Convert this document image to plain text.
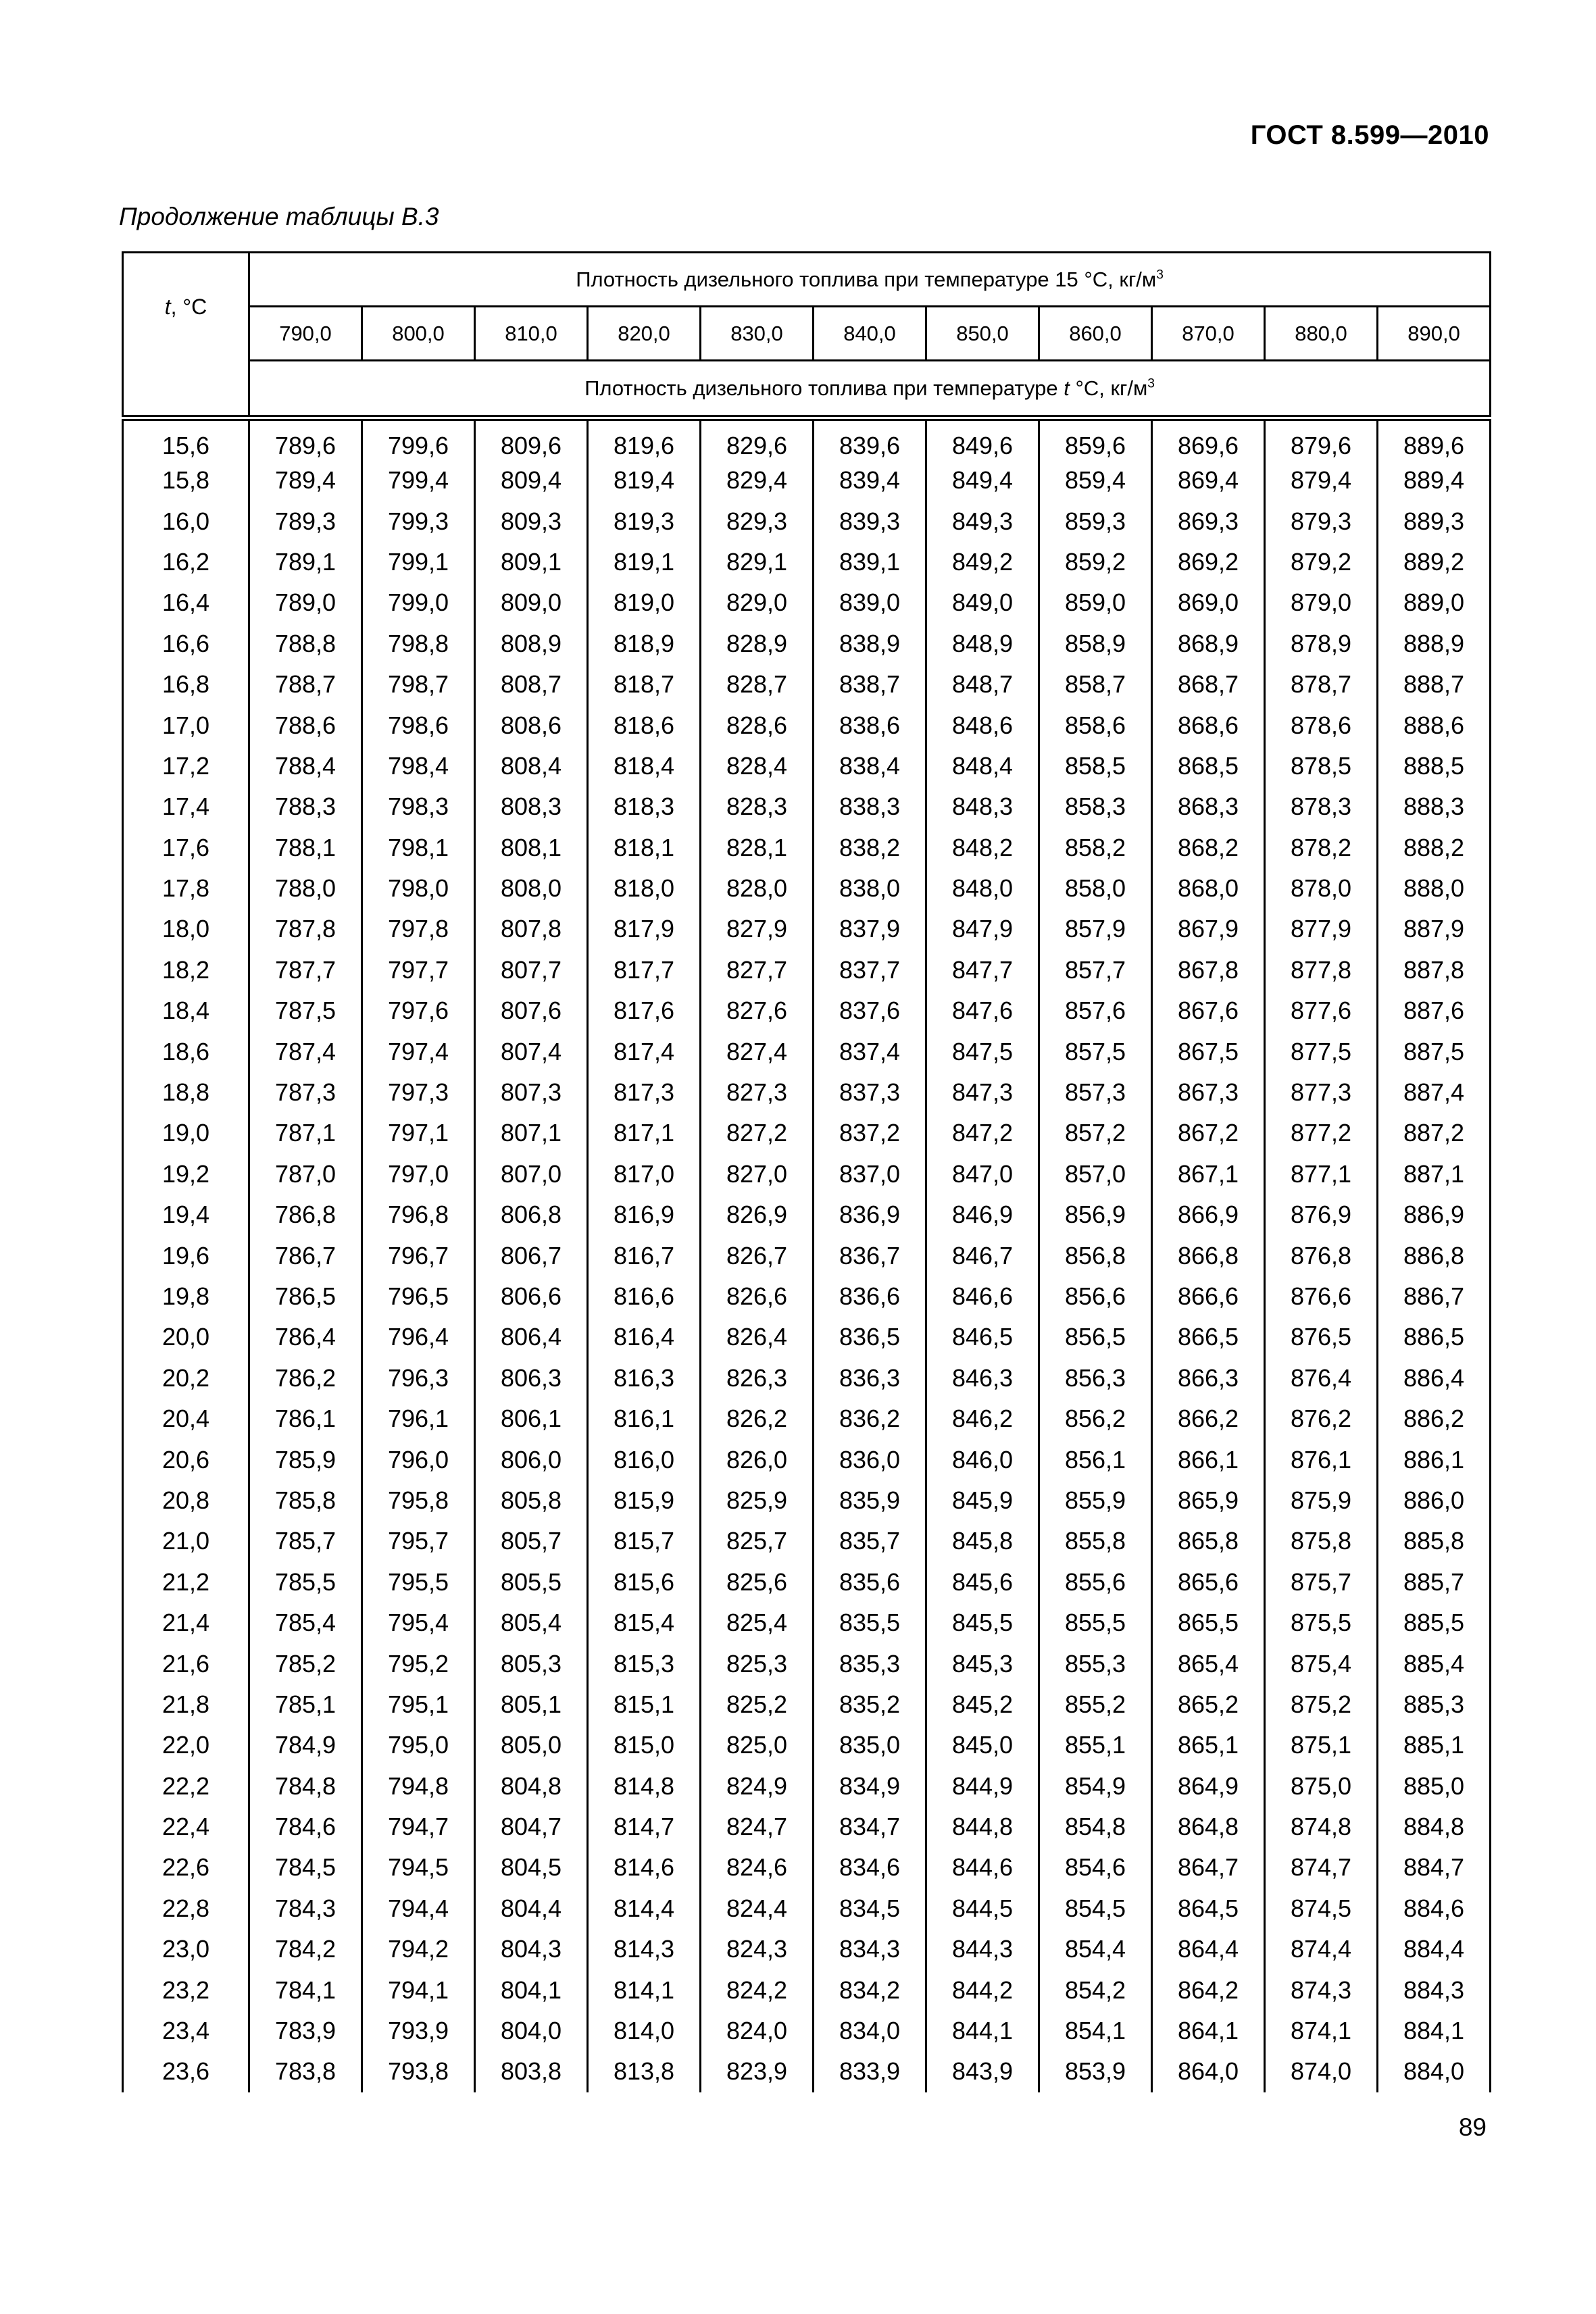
ГОСТ 8.599—2010
Продолжение таблицы В.3
t, °С	Плотность дизельного топлива при температуре 15 °С, $кг/м^3$
	790,0	800,0	810,0	820,0	830,0	840,0	850,0	860,0	870,0	880,0	890,0
	Плотность дизельного топлива при температуре t °С, $кг/м^3$
15,6	789,6	799,6	809,6	819,6	829,6	839,6	849,6	859,6	869,6	879,6	889,6
15,8	789,4	799,4	809,4	819,4	829,4	839,4	849,4	859,4	869,4	879,4	889,4
16,0	789,3	799,3	809,3	819,3	829,3	839,3	849,3	859,3	869,3	879,3	889,3
16,2	789,1	799,1	809,1	819,1	829,1	839,1	849,2	859,2	869,2	879,2	889,2
16,4	789,0	799,0	809,0	819,0	829,0	839,0	849,0	859,0	869,0	879,0	889,0
16,6	788,8	798,8	808,9	818,9	828,9	838,9	848,9	858,9	868,9	878,9	888,9
16,8	788,7	798,7	808,7	818,7	828,7	838,7	848,7	858,7	868,7	878,7	888,7
17,0	788,6	798,6	808,6	818,6	828,6	838,6	848,6	858,6	868,6	878,6	888,6
17,2	788,4	798,4	808,4	818,4	828,4	838,4	848,4	858,5	868,5	878,5	888,5
17,4	788,3	798,3	808,3	818,3	828,3	838,3	848,3	858,3	868,3	878,3	888,3
17,6	788,1	798,1	808,1	818,1	828,1	838,2	848,2	858,2	868,2	878,2	888,2
17,8	788,0	798,0	808,0	818,0	828,0	838,0	848,0	858,0	868,0	878,0	888,0
18,0	787,8	797,8	807,8	817,9	827,9	837,9	847,9	857,9	867,9	877,9	887,9
18,2	787,7	797,7	807,7	817,7	827,7	837,7	847,7	857,7	867,8	877,8	887,8
18,4	787,5	797,6	807,6	817,6	827,6	837,6	847,6	857,6	867,6	877,6	887,6
18,6	787,4	797,4	807,4	817,4	827,4	837,4	847,5	857,5	867,5	877,5	887,5
18,8	787,3	797,3	807,3	817,3	827,3	837,3	847,3	857,3	867,3	877,3	887,4
19,0	787,1	797,1	807,1	817,1	827,2	837,2	847,2	857,2	867,2	877,2	887,2
19,2	787,0	797,0	807,0	817,0	827,0	837,0	847,0	857,0	867,1	877,1	887,1
19,4	786,8	796,8	806,8	816,9	826,9	836,9	846,9	856,9	866,9	876,9	886,9
19,6	786,7	796,7	806,7	816,7	826,7	836,7	846,7	856,8	866,8	876,8	886,8
19,8	786,5	796,5	806,6	816,6	826,6	836,6	846,6	856,6	866,6	876,6	886,7
20,0	786,4	796,4	806,4	816,4	826,4	836,5	846,5	856,5	866,5	876,5	886,5
20,2	786,2	796,3	806,3	816,3	826,3	836,3	846,3	856,3	866,3	876,4	886,4
20,4	786,1	796,1	806,1	816,1	826,2	836,2	846,2	856,2	866,2	876,2	886,2
20,6	785,9	796,0	806,0	816,0	826,0	836,0	846,0	856,1	866,1	876,1	886,1
20,8	785,8	795,8	805,8	815,9	825,9	835,9	845,9	855,9	865,9	875,9	886,0
21,0	785,7	795,7	805,7	815,7	825,7	835,7	845,8	855,8	865,8	875,8	885,8
21,2	785,5	795,5	805,5	815,6	825,6	835,6	845,6	855,6	865,6	875,7	885,7
21,4	785,4	795,4	805,4	815,4	825,4	835,5	845,5	855,5	865,5	875,5	885,5
21,6	785,2	795,2	805,3	815,3	825,3	835,3	845,3	855,3	865,4	875,4	885,4
21,8	785,1	795,1	805,1	815,1	825,2	835,2	845,2	855,2	865,2	875,2	885,3
22,0	784,9	795,0	805,0	815,0	825,0	835,0	845,0	855,1	865,1	875,1	885,1
22,2	784,8	794,8	804,8	814,8	824,9	834,9	844,9	854,9	864,9	875,0	885,0
22,4	784,6	794,7	804,7	814,7	824,7	834,7	844,8	854,8	864,8	874,8	884,8
22,6	784,5	794,5	804,5	814,6	824,6	834,6	844,6	854,6	864,7	874,7	884,7
22,8	784,3	794,4	804,4	814,4	824,4	834,5	844,5	854,5	864,5	874,5	884,6
23,0	784,2	794,2	804,3	814,3	824,3	834,3	844,3	854,4	864,4	874,4	884,4
23,2	784,1	794,1	804,1	814,1	824,2	834,2	844,2	854,2	864,2	874,3	884,3
23,4	783,9	793,9	804,0	814,0	824,0	834,0	844,1	854,1	864,1	874,1	884,1
23,6	783,8	793,8	803,8	813,8	823,9	833,9	843,9	853,9	864,0	874,0	884,0
89
